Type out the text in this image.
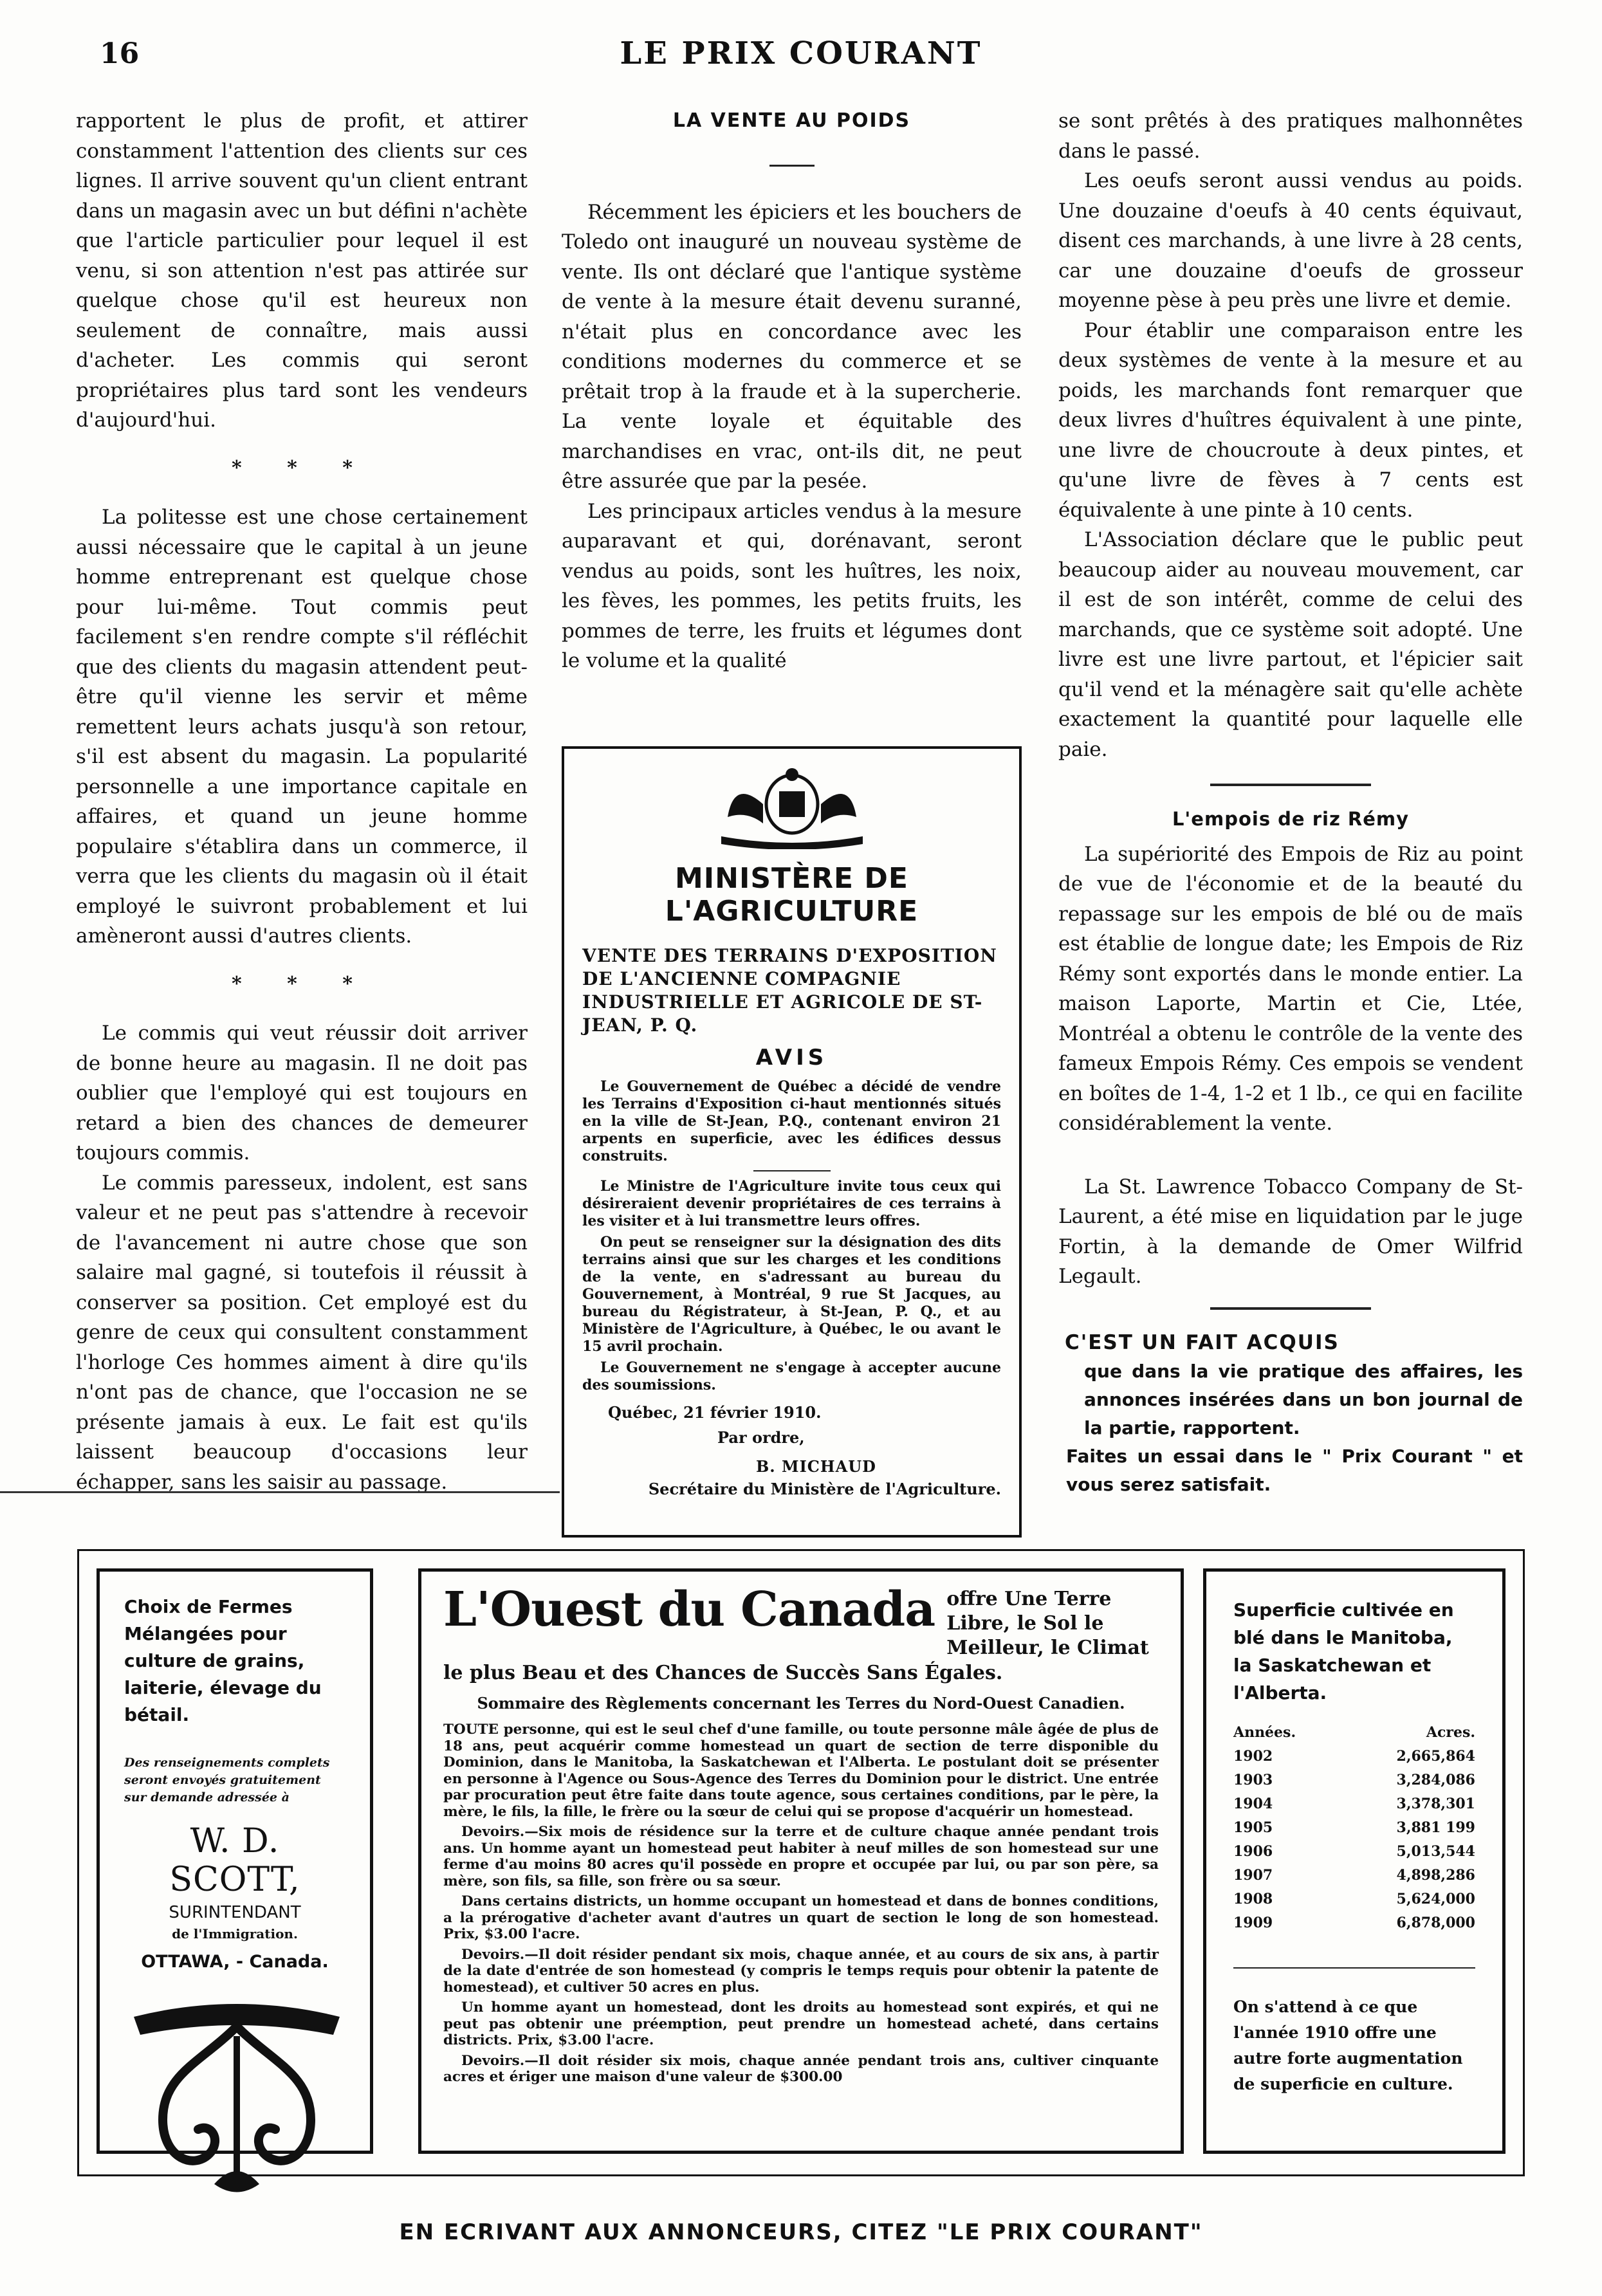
16	LE PRIX COURANT

rapportent le plus de profit, et attirer constamment l'attention des clients sur ces lignes. Il arrive souvent qu'un client entrant dans un magasin avec un but défini n'achète que l'article particulier pour lequel il est venu, si son attention n'est pas attirée sur quelque chose qu'il est heureux non seulement de connaître, mais aussi d'acheter. Les commis qui seront propriétaires plus tard sont les vendeurs d'aujourd'hui.

* * *

La politesse est une chose certainement aussi nécessaire que le capital à un jeune homme entreprenant est quelque chose pour lui-même. Tout commis peut facilement s'en rendre compte s'il réfléchit que des clients du magasin attendent peut-être qu'il vienne les servir et même remettent leurs achats jusqu'à son retour, s'il est absent du magasin. La popularité personnelle a une importance capitale en affaires, et quand un jeune homme populaire s'établira dans un commerce, il verra que les clients du magasin où il était employé le suivront probablement et lui amèneront aussi d'autres clients.

* * *

Le commis qui veut réussir doit arriver de bonne heure au magasin. Il ne doit pas oublier que l'employé qui est toujours en retard a bien des chances de demeurer toujours commis.

Le commis paresseux, indolent, est sans valeur et ne peut pas s'attendre à recevoir de l'avancement ni autre chose que son salaire mal gagné, si toutefois il réussit à conserver sa position. Cet employé est du genre de ceux qui consultent constamment l'horloge Ces hommes aiment à dire qu'ils n'ont pas de chance, que l'occasion ne se présente jamais à eux. Le fait est qu'ils laissent beaucoup d'occasions leur échapper, sans les saisir au passage.

LA VENTE AU POIDS

Récemment les épiciers et les bouchers de Toledo ont inauguré un nouveau système de vente. Ils ont déclaré que l'antique système de vente à la mesure était devenu suranné, n'était plus en concordance avec les conditions modernes du commerce et se prêtait trop à la fraude et à la supercherie. La vente loyale et équitable des marchandises en vrac, ont-ils dit, ne peut être assurée que par la pesée.

Les principaux articles vendus à la mesure auparavant et qui, dorénavant, seront vendus au poids, sont les huîtres, les noix, les fèves, les pommes, les petits fruits, les pommes de terre, les fruits et légumes dont le volume et la qualité

MINISTÈRE DE L'AGRICULTURE
VENTE DES TERRAINS D'EXPOSITION DE L'ANCIENNE COMPAGNIE INDUSTRIELLE ET AGRICOLE DE ST-JEAN, P. Q.
AVIS

Le Gouvernement de Québec a décidé de vendre les Terrains d'Exposition ci-haut mentionnés situés en la ville de St-Jean, P.Q., contenant environ 21 arpents en superficie, avec les édifices dessus construits.

Le Ministre de l'Agriculture invite tous ceux qui désireraient devenir propriétaires de ces terrains à les visiter et à lui transmettre leurs offres.

On peut se renseigner sur la désignation des dits terrains ainsi que sur les charges et les conditions de la vente, en s'adressant au bureau du Gouvernement, à Montréal, 9 rue St Jacques, au bureau du Régistrateur, à St-Jean, P. Q., et au Ministère de l'Agriculture, à Québec, le ou avant le 15 avril prochain.

Le Gouvernement ne s'engage à accepter aucune des soumissions.

Québec, 21 février 1910.
Par ordre,
B. MICHAUD
Secrétaire du Ministère de l'Agriculture.

se sont prêtés à des pratiques malhonnêtes dans le passé.

Les oeufs seront aussi vendus au poids. Une douzaine d'oeufs à 40 cents équivaut, disent ces marchands, à une livre à 28 cents, car une douzaine d'oeufs de grosseur moyenne pèse à peu près une livre et demie.

Pour établir une comparaison entre les deux systèmes de vente à la mesure et au poids, les marchands font remarquer que deux livres d'huîtres équivalent à une pinte, une livre de choucroute à deux pintes, et qu'une livre de fèves à 7 cents est équivalente à une pinte à 10 cents.

L'Association déclare que le public peut beaucoup aider au nouveau mouvement, car il est de son intérêt, comme de celui des marchands, que ce système soit adopté. Une livre est une livre partout, et l'épicier sait qu'il vend et la ménagère sait qu'elle achète exactement la quantité pour laquelle elle paie.

L'empois de riz Rémy

La supériorité des Empois de Riz au point de vue de l'économie et de la beauté du repassage sur les empois de blé ou de maïs est établie de longue date; les Empois de Riz Rémy sont exportés dans le monde entier. La maison Laporte, Martin et Cie, Ltée, Montréal a obtenu le contrôle de la vente des fameux Empois Rémy. Ces empois se vendent en boîtes de 1-4, 1-2 et 1 lb., ce qui en facilite considérablement la vente.

La St. Lawrence Tobacco Company de St-Laurent, a été mise en liquidation par le juge Fortin, à la demande de Omer Wilfrid Legault.

C'EST UN FAIT ACQUIS
que dans la vie pratique des affaires, les annonces insérées dans un bon journal de la partie, rapportent.
Faites un essai dans le " Prix Courant " et vous serez satisfait.
Choix de Fermes Mélangées pour culture de grains, laiterie, élevage du bétail.
Des renseignements complets seront envoyés gratuitement sur demande adressée à
W. D. SCOTT,
SURINTENDANT
de l'Immigration.
OTTAWA, - Canada.
L'Ouest du Canada offre Une Terre Libre, le Sol le Meilleur, le Climat
le plus Beau et des Chances de Succès Sans Égales.
Sommaire des Règlements concernant les Terres du Nord-Ouest Canadien.

TOUTE personne, qui est le seul chef d'une famille, ou toute personne mâle âgée de plus de 18 ans, peut acquérir comme homestead un quart de section de terre disponible du Dominion, dans le Manitoba, la Saskatchewan et l'Alberta. Le postulant doit se présenter en personne à l'Agence ou Sous-Agence des Terres du Dominion pour le district. Une entrée par procuration peut être faite dans toute agence, sous certaines conditions, par le père, la mère, le fils, la fille, le frère ou la sœur de celui qui se propose d'acquérir un homestead.

Devoirs.—Six mois de résidence sur la terre et de culture chaque année pendant trois ans. Un homme ayant un homestead peut habiter à neuf milles de son homestead sur une ferme d'au moins 80 acres qu'il possède en propre et occupée par lui, ou par son père, sa mère, son fils, sa fille, son frère ou sa sœur.

Dans certains districts, un homme occupant un homestead et dans de bonnes conditions, a la prérogative d'acheter avant d'autres un quart de section le long de son homestead. Prix, $3.00 l'acre.

Devoirs.—Il doit résider pendant six mois, chaque année, et au cours de six ans, à partir de la date d'entrée de son homestead (y compris le temps requis pour obtenir la patente de homestead), et cultiver 50 acres en plus.

Un homme ayant un homestead, dont les droits au homestead sont expirés, et qui ne peut pas obtenir une préemption, peut prendre un homestead acheté, dans certains districts. Prix, $3.00 l'acre.

Devoirs.—Il doit résider six mois, chaque année pendant trois ans, cultiver cinquante acres et ériger une maison d'une valeur de $300.00

Superficie cultivée en blé dans le Manitoba, la Saskatchewan et l'Alberta.
Années.	Acres.
1902	2,665,864
1903	3,284,086
1904	3,378,301
1905	3,881 199
1906	5,013,544
1907	4,898,286
1908	5,624,000
1909	6,878,000
On s'attend à ce que l'année 1910 offre une autre forte augmentation de superficie en culture.
EN ECRIVANT AUX ANNONCEURS, CITEZ "LE PRIX COURANT"
